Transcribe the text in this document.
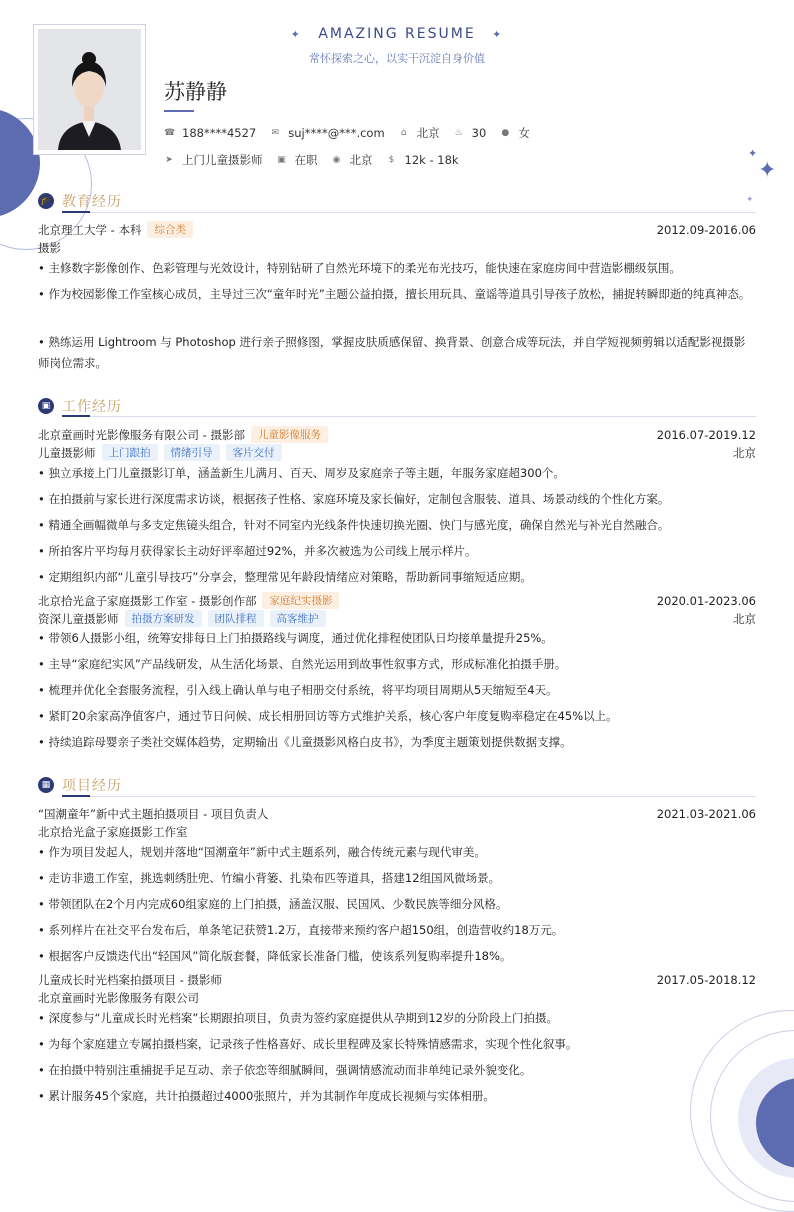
✦
✦
✦
✦ AMAZING RESUME ✦
常怀探索之心，以实干沉淀自身价值
苏静静
☎ 188****4527 ✉ suj****@***.com ⌂ 北京 ♨ 30 ● 女
➤ 上门儿童摄影师 ▣ 在职 ◉ 北京 $ 12k - 18k
🎓 教育经历
北京理工大学 - 本科	综合类	2012.09-2016.06
摄影
• 主修数字影像创作、色彩管理与光效设计，特别钻研了自然光环境下的柔光布光技巧，能快速在家庭房间中营造影棚级氛围。
• 作为校园影像工作室核心成员，主导过三次“童年时光”主题公益拍摄，擅长用玩具、童谣等道具引导孩子放松，捕捉转瞬即逝的纯真神态。
• 熟练运用 Lightroom 与 Photoshop 进行亲子照修图，掌握皮肤质感保留、换背景、创意合成等玩法，并自学短视频剪辑以适配影视摄影师岗位需求。
▣ 工作经历
北京童画时光影像服务有限公司 - 摄影部	儿童影像服务	2016.07-2019.12
儿童摄影师	上门跟拍	情绪引导	客片交付	北京
• 独立承接上门儿童摄影订单，涵盖新生儿满月、百天、周岁及家庭亲子等主题，年服务家庭超300个。
• 在拍摄前与家长进行深度需求访谈，根据孩子性格、家庭环境及家长偏好，定制包含服装、道具、场景动线的个性化方案。
• 精通全画幅微单与多支定焦镜头组合，针对不同室内光线条件快速切换光圈、快门与感光度，确保自然光与补光自然融合。
• 所拍客片平均每月获得家长主动好评率超过92%，并多次被选为公司线上展示样片。
• 定期组织内部“儿童引导技巧”分享会，整理常见年龄段情绪应对策略，帮助新同事缩短适应期。
北京拾光盒子家庭摄影工作室 - 摄影创作部	家庭纪实摄影	2020.01-2023.06
资深儿童摄影师	拍摄方案研发	团队排程	高客维护	北京
• 带领6人摄影小组，统筹安排每日上门拍摄路线与调度，通过优化排程使团队日均接单量提升25%。
• 主导“家庭纪实风”产品线研发，从生活化场景、自然光运用到故事性叙事方式，形成标准化拍摄手册。
• 梳理并优化全套服务流程，引入线上确认单与电子相册交付系统，将平均项目周期从5天缩短至4天。
• 紧盯20余家高净值客户，通过节日问候、成长相册回访等方式维护关系，核心客户年度复购率稳定在45%以上。
• 持续追踪母婴亲子类社交媒体趋势，定期输出《儿童摄影风格白皮书》，为季度主题策划提供数据支撑。
▦ 项目经历
“国潮童年”新中式主题拍摄项目 - 项目负责人	2021.03-2021.06
北京拾光盒子家庭摄影工作室
• 作为项目发起人，规划并落地“国潮童年”新中式主题系列，融合传统元素与现代审美。
• 走访非遗工作室，挑选刺绣肚兜、竹编小背篓、扎染布匹等道具，搭建12组国风微场景。
• 带领团队在2个月内完成60组家庭的上门拍摄，涵盖汉服、民国风、少数民族等细分风格。
• 系列样片在社交平台发布后，单条笔记获赞1.2万，直接带来预约客户超150组，创造营收约18万元。
• 根据客户反馈迭代出“轻国风”简化版套餐，降低家长准备门槛，使该系列复购率提升18%。
儿童成长时光档案拍摄项目 - 摄影师	2017.05-2018.12
北京童画时光影像服务有限公司
• 深度参与“儿童成长时光档案”长期跟拍项目，负责为签约家庭提供从孕期到12岁的分阶段上门拍摄。
• 为每个家庭建立专属拍摄档案，记录孩子性格喜好、成长里程碑及家长特殊情感需求，实现个性化叙事。
• 在拍摄中特别注重捕捉手足互动、亲子依恋等细腻瞬间，强调情感流动而非单纯记录外貌变化。
• 累计服务45个家庭，共计拍摄超过4000张照片，并为其制作年度成长视频与实体相册。
